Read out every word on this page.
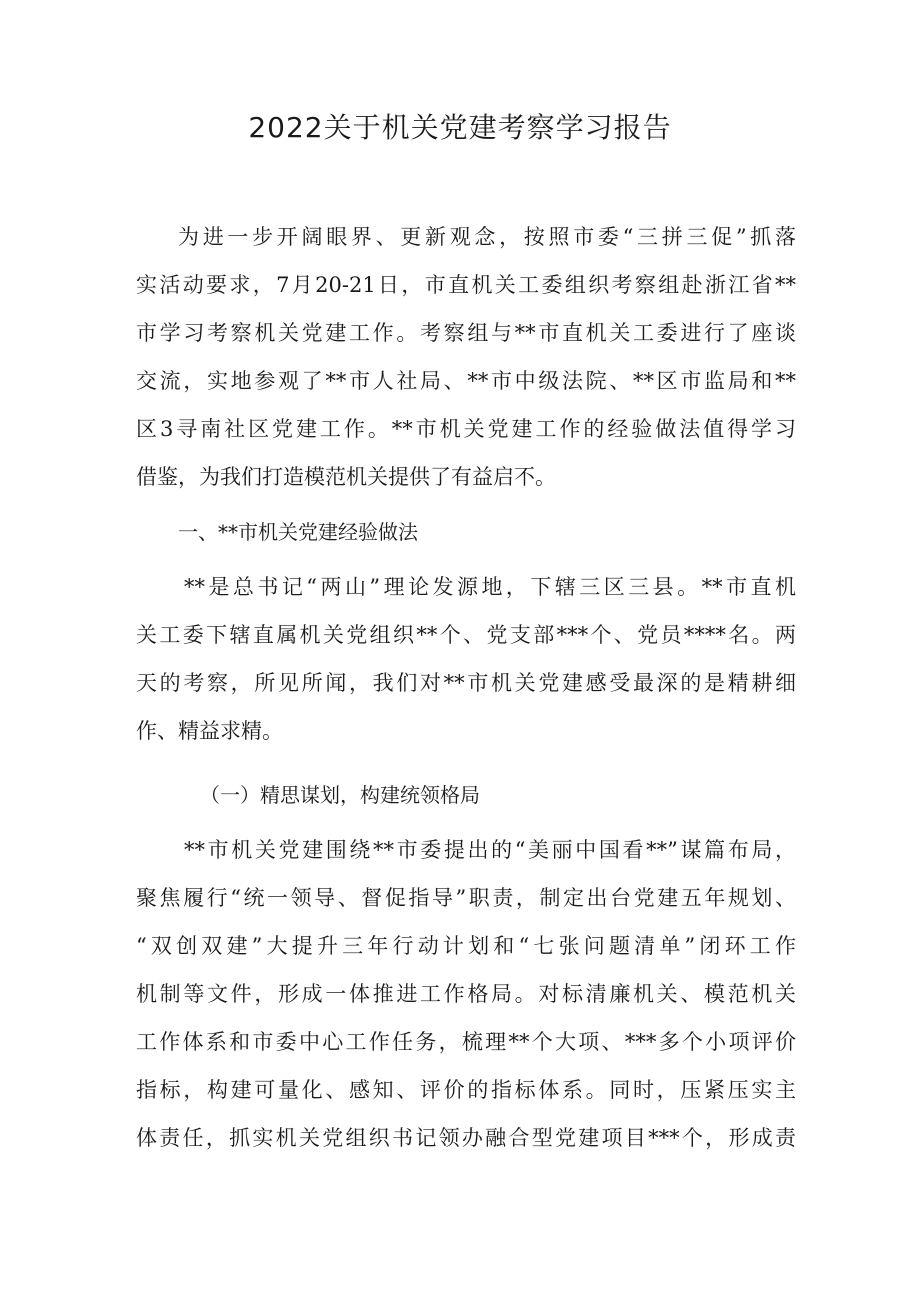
2022关于机关党建考察学习报告
为进一步开阔眼界、更新观念，按照市委“三拼三促”抓落
实活动要求，7月20-21日，市直机关工委组织考察组赴浙江省**
市学习考察机关党建工作。考察组与**市直机关工委进行了座谈
交流，实地参观了**市人社局、**市中级法院、**区市监局和**
区3寻南社区党建工作。**市机关党建工作的经验做法值得学习
借鉴，为我们打造模范机关提供了有益启不。
一、**市机关党建经验做法
**是总书记“两山”理论发源地，下辖三区三县。**市直机
关工委下辖直属机关党组织**个、党支部***个、党员****名。两
天的考察，所见所闻，我们对**市机关党建感受最深的是精耕细
作、精益求精。
（一）精思谋划，构建统领格局
**市机关党建围绕**市委提出的“美丽中国看**”谋篇布局，
聚焦履行“统一领导、督促指导”职责，制定出台党建五年规划、
“双创双建”大提升三年行动计划和“七张问题清单”闭环工作
机制等文件，形成一体推进工作格局。对标清廉机关、模范机关
工作体系和市委中心工作任务，梳理**个大项、***多个小项评价
指标，构建可量化、感知、评价的指标体系。同时，压紧压实主
体责任，抓实机关党组织书记领办融合型党建项目***个，形成责
